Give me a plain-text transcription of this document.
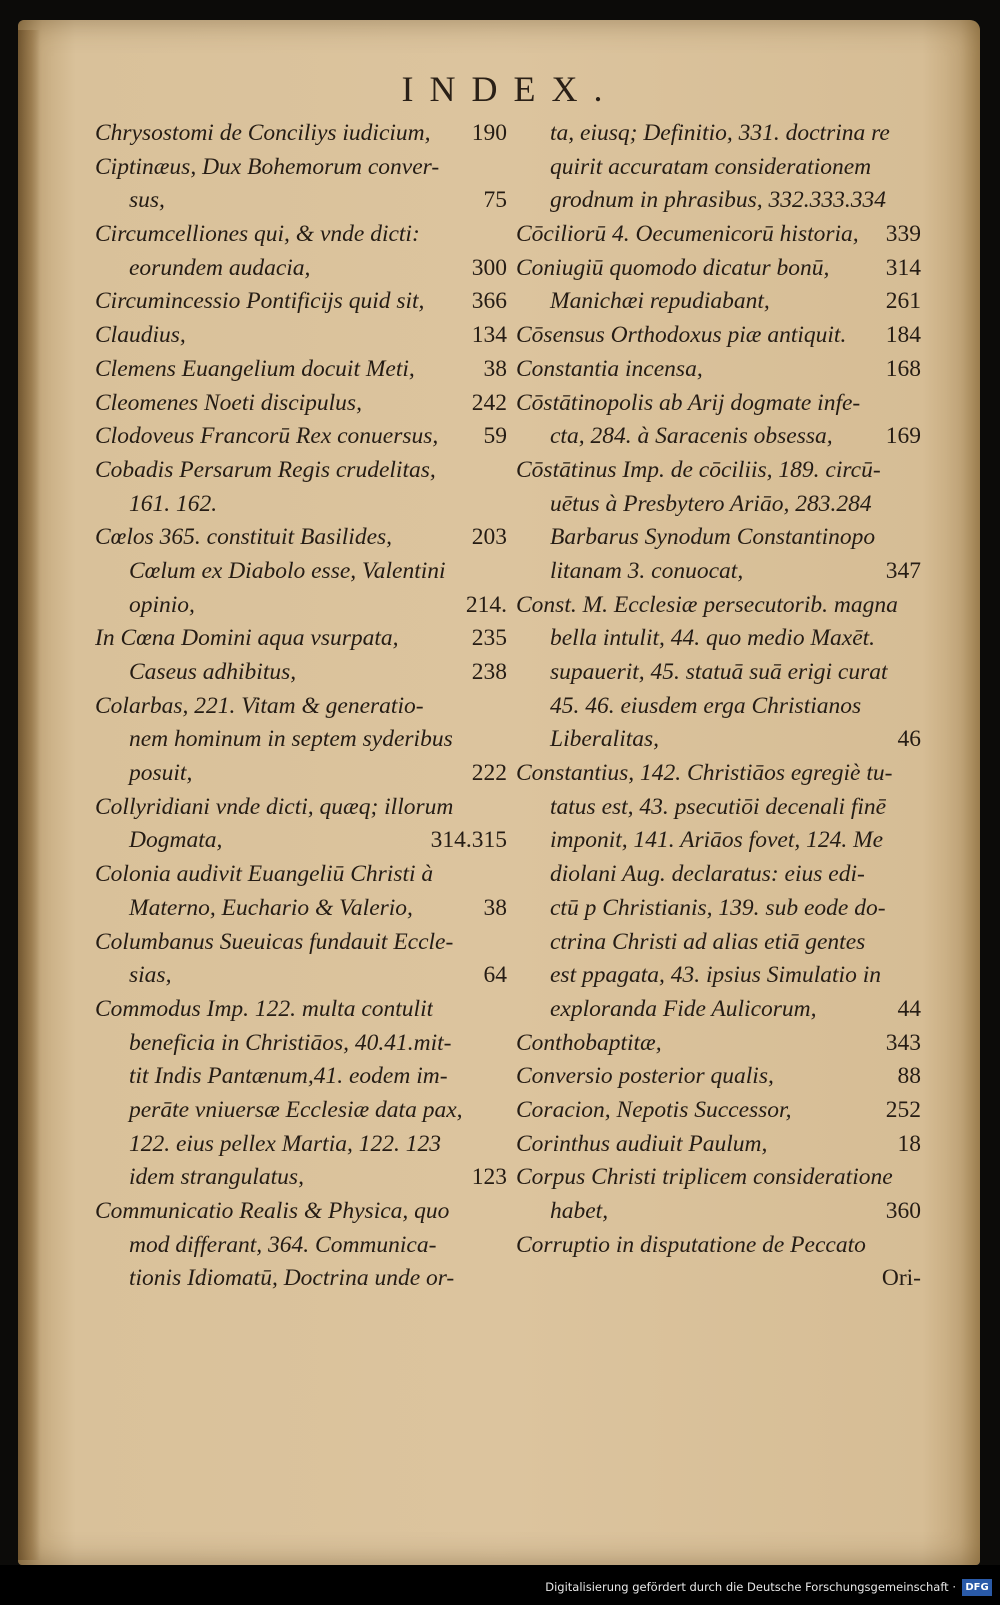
INDEX.
Chrysostomi de Conciliys iudicium, 190
Ciptinæus, Dux Bohemorum conver-
sus,	75
Circumcelliones qui, & vnde dicti:
eorundem audacia,	300
Circumincessio Pontificijs quid sit, 366
Claudius,	134
Clemens Euangelium docuit Meti,	38
Cleomenes Noeti discipulus,	242
Clodoveus Francorū Rex conuersus, 59
Cobadis Persarum Regis crudelitas,
161. 162.
Cœlos 365. constituit Basilides,	203
Cœlum ex Diabolo esse, Valentini
opinio,	214.
In Cœna Domini aqua vsurpata,	235
Caseus adhibitus,	238
Colarbas, 221. Vitam & generatio-
nem hominum in septem syderibus
posuit,	222
Collyridiani vnde dicti, quæq; illorum
Dogmata,	314.315
Colonia audivit Euangeliū Christi à
Materno, Euchario & Valerio,	38
Columbanus Sueuicas fundauit Eccle-
sias,	64
Commodus Imp. 122. multa contulit
beneficia in Christiāos, 40.41.mit-
tit Indis Pantænum,41. eodem im-
perāte vniuersæ Ecclesiæ data pax,
122. eius pellex Martia, 122. 123
idem strangulatus,	123
Communicatio Realis & Physica, quo
mod differant, 364. Communica-
tionis Idiomatū, Doctrina unde or-
ta, eiusq; Definitio, 331. doctrina re
quirit accuratam considerationem
grodnum in phrasibus, 332.333.334
Cōciliorū 4. Oecumenicorū historia, 339
Coniugiū quomodo dicatur bonū, 314
Manichæi repudiabant,	261
Cōsensus Orthodoxus piæ antiquit. 184
Constantia incensa,	168
Cōstātinopolis ab Arij dogmate infe-
cta, 284. à Saracenis obsessa, 169
Cōstātinus Imp. de cōciliis, 189. circū-
uētus à Presbytero Ariāo, 283.284
Barbarus Synodum Constantinopo
litanam 3. conuocat,	347
Const. M. Ecclesiæ persecutorib. magna
bella intulit, 44. quo medio Maxēt.
supauerit, 45. statuā suā erigi curat
45. 46. eiusdem erga Christianos
Liberalitas,	46
Constantius, 142. Christiāos egregiè tu-
tatus est, 43. psecutiōi decenali finē
imponit, 141. Ariāos fovet, 124. Me
diolani Aug. declaratus: eius edi-
ctū p Christianis, 139. sub eode do-
ctrina Christi ad alias etiā gentes
est ppagata, 43. ipsius Simulatio in
exploranda Fide Aulicorum,	44
Conthobaptitæ,	343
Conversio posterior qualis,	88
Coracion, Nepotis Successor,	252
Corinthus audiuit Paulum,	18
Corpus Christi triplicem consideratione
habet,	360
Corruptio in disputatione de Peccato
Ori-
Digitalisierung gefördert durch die Deutsche Forschungsgemeinschaft · DFG
